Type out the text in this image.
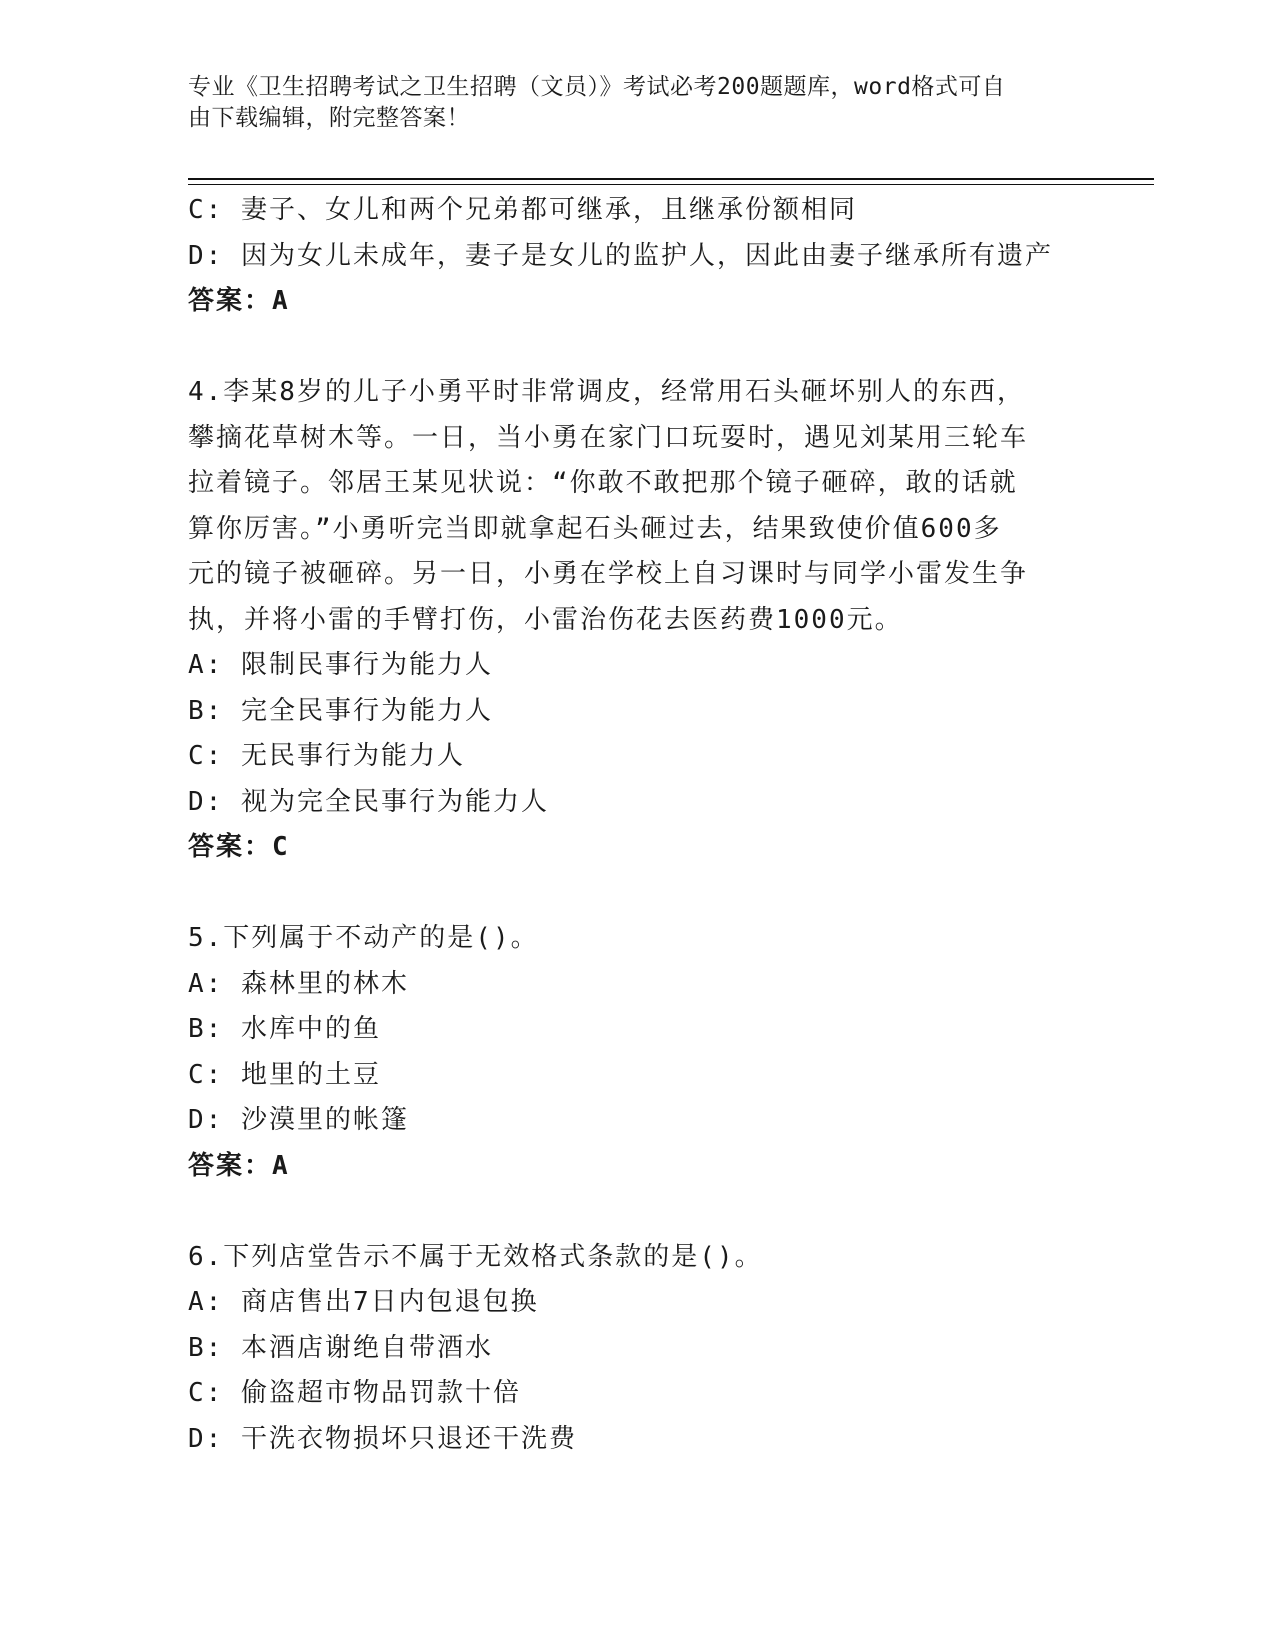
专业《卫生招聘考试之卫生招聘（文员）》考试必考200题题库，word格式可自

由下载编辑，附完整答案！

C: 妻子、女儿和两个兄弟都可继承，且继承份额相同
D: 因为女儿未成年，妻子是女儿的监护人，因此由妻子继承所有遗产
答案：A
4.李某8岁的儿子小勇平时非常调皮，经常用石头砸坏别人的东西，
攀摘花草树木等。一日，当小勇在家门口玩耍时，遇见刘某用三轮车
拉着镜子。邻居王某见状说：“你敢不敢把那个镜子砸碎，敢的话就
算你厉害。”小勇听完当即就拿起石头砸过去，结果致使价值600多
元的镜子被砸碎。另一日，小勇在学校上自习课时与同学小雷发生争
执，并将小雷的手臂打伤，小雷治伤花去医药费1000元。
A: 限制民事行为能力人
B: 完全民事行为能力人
C: 无民事行为能力人
D: 视为完全民事行为能力人
答案：C
5.下列属于不动产的是()。
A: 森林里的林木
B: 水库中的鱼
C: 地里的土豆
D: 沙漠里的帐篷
答案：A
6.下列店堂告示不属于无效格式条款的是()。
A: 商店售出7日内包退包换
B: 本酒店谢绝自带酒水
C: 偷盗超市物品罚款十倍
D: 干洗衣物损坏只退还干洗费
